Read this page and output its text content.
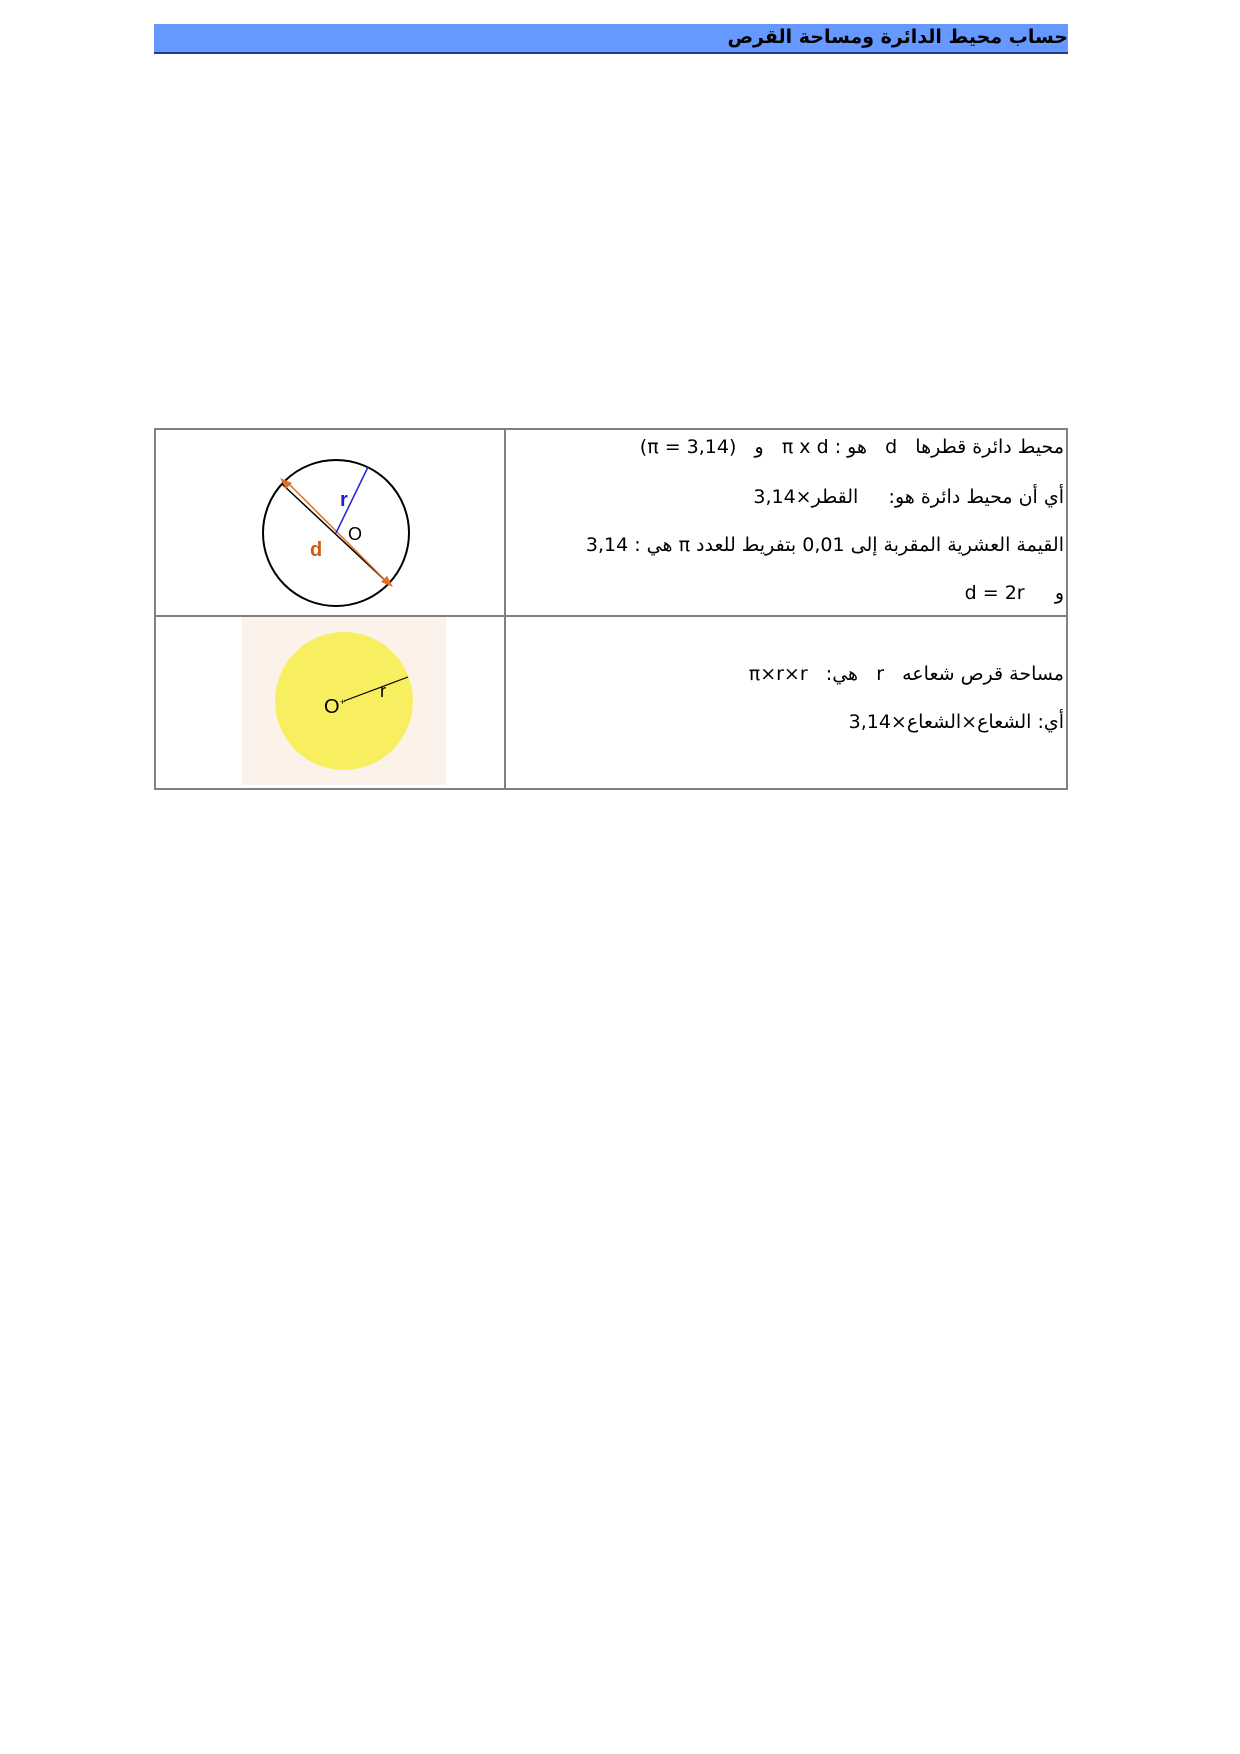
حساب محيط الدائرة ومساحة القرص
محيط دائرة قطرها   d   هو : π x d   و   (π = 3,14)
أي أن محيط دائرة هو:     القطر×3,14
القيمة العشرية المقربة إلى 0,01 بتفريط للعدد π هي : 3,14
و     d = 2r
r
O
d
مساحة قرص شعاعه   r   هي:   π×r×r
أي: الشعاع×الشعاع×3,14
+
O
r
